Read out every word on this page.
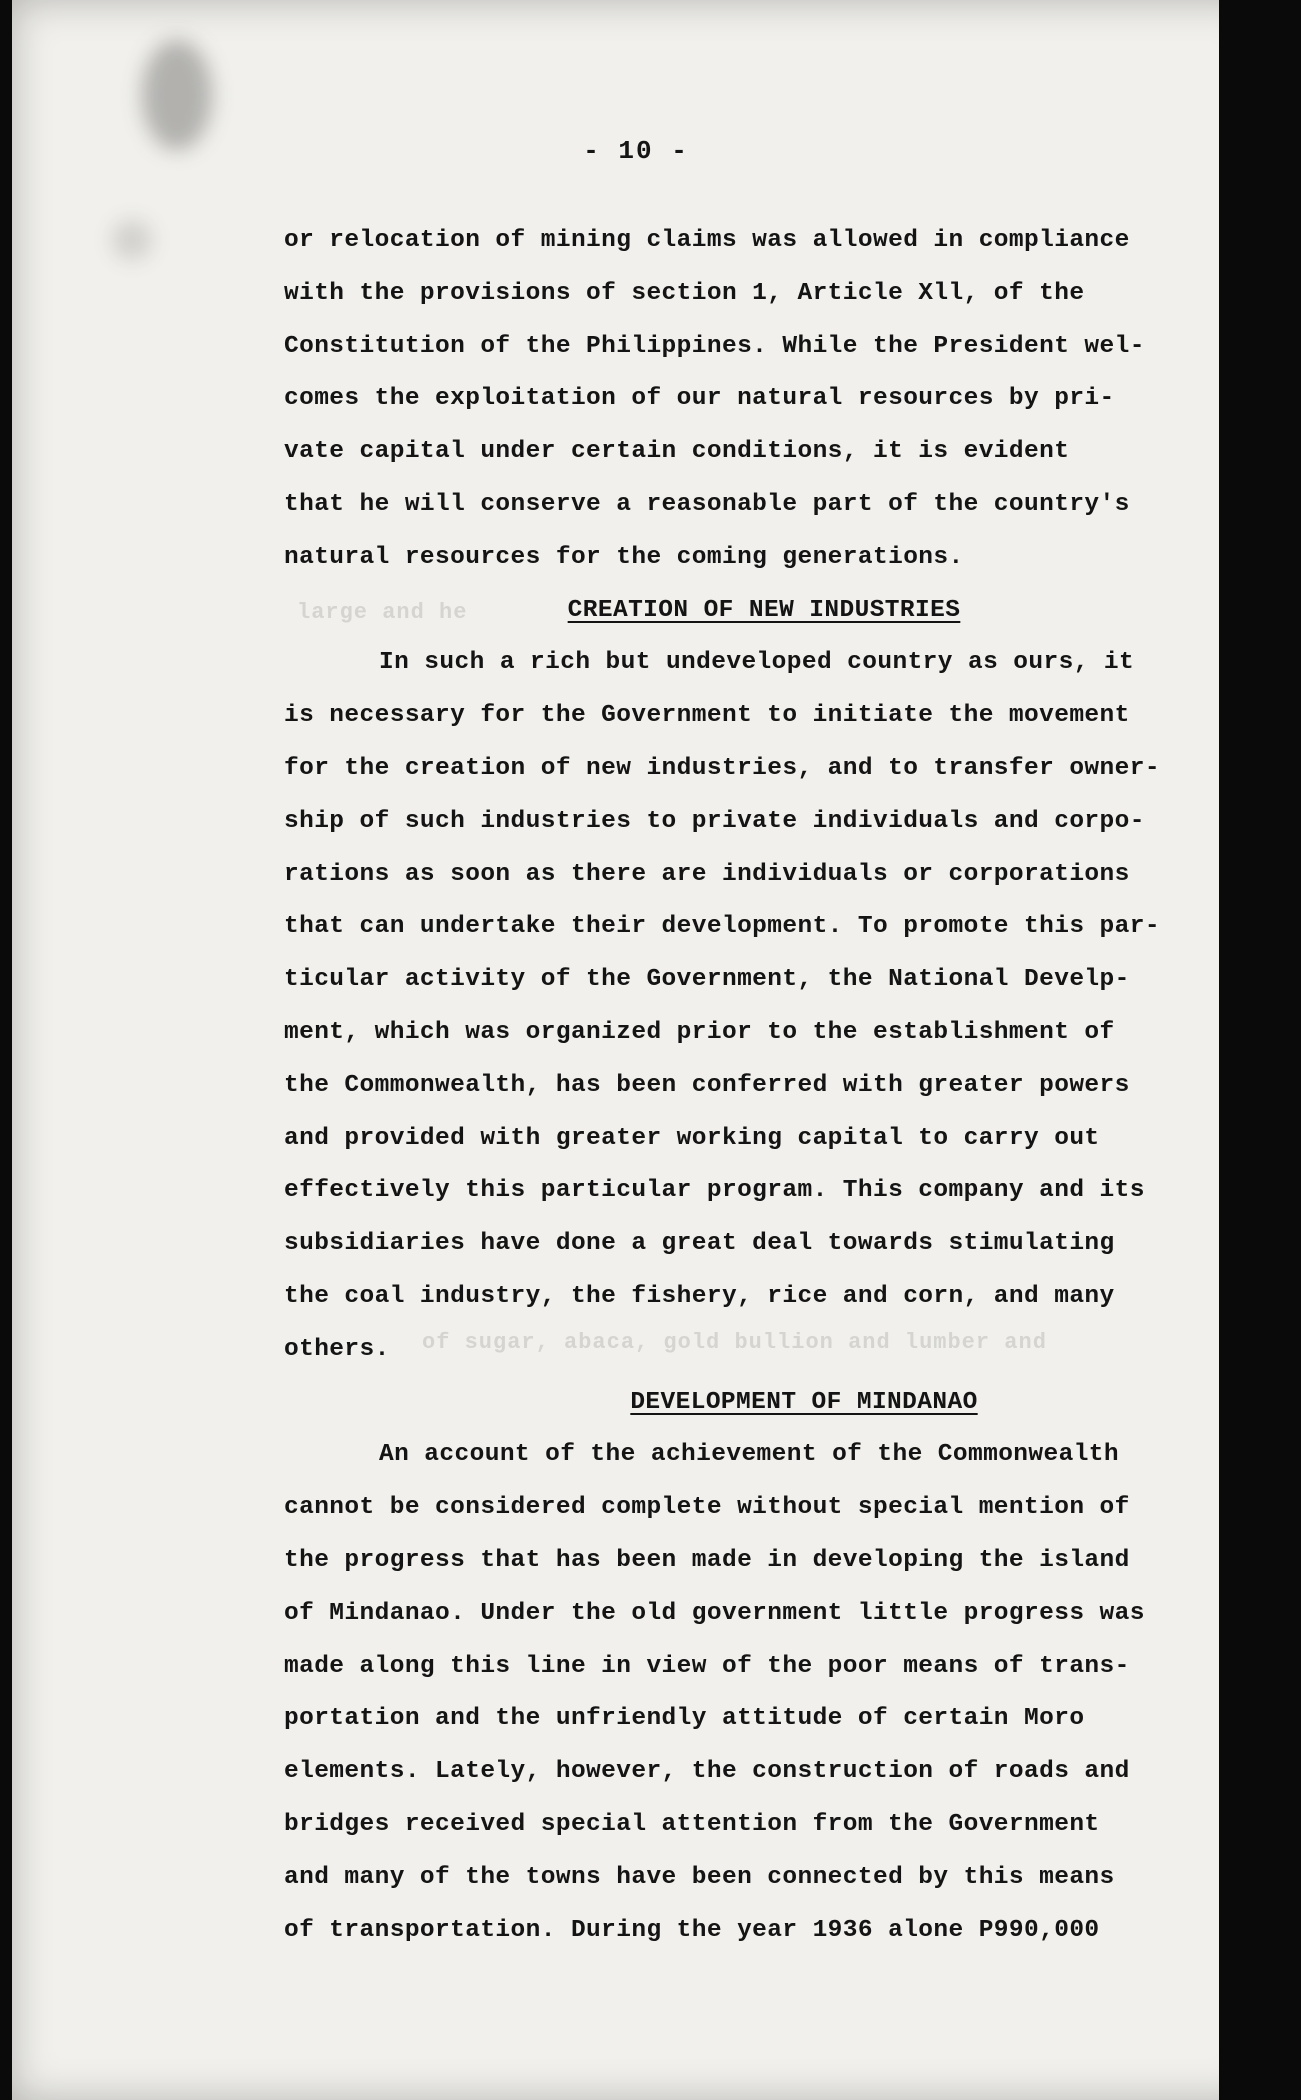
large and he
of sugar, abaca, gold bullion and lumber and
- 10 -
or relocation of mining claims was allowed in compliance
with the provisions of section 1, Article Xll, of the
Constitution of the Philippines. While the President wel-
comes the exploitation of our natural resources by pri-
vate capital under certain conditions, it is evident
that he will conserve a reasonable part of the country's
natural resources for the coming generations.
CREATION OF NEW INDUSTRIES
In such a rich but undeveloped country as ours, it
is necessary for the Government to initiate the movement
for the creation of new industries, and to transfer owner-
ship of such industries to private individuals and corpo-
rations as soon as there are individuals or corporations
that can undertake their development. To promote this par-
ticular activity of the Government, the National Develp-
ment, which was organized prior to the establishment of
the Commonwealth, has been conferred with greater powers
and provided with greater working capital to carry out
effectively this particular program. This company and its
subsidiaries have done a great deal towards stimulating
the coal industry, the fishery, rice and corn, and many
others.
DEVELOPMENT OF MINDANAO
An account of the achievement of the Commonwealth
cannot be considered complete without special mention of
the progress that has been made in developing the island
of Mindanao. Under the old government little progress was
made along this line in view of the poor means of trans-
portation and the unfriendly attitude of certain Moro
elements. Lately, however, the construction of roads and
bridges received special attention from the Government
and many of the towns have been connected by this means
of transportation. During the year 1936 alone P990,000
